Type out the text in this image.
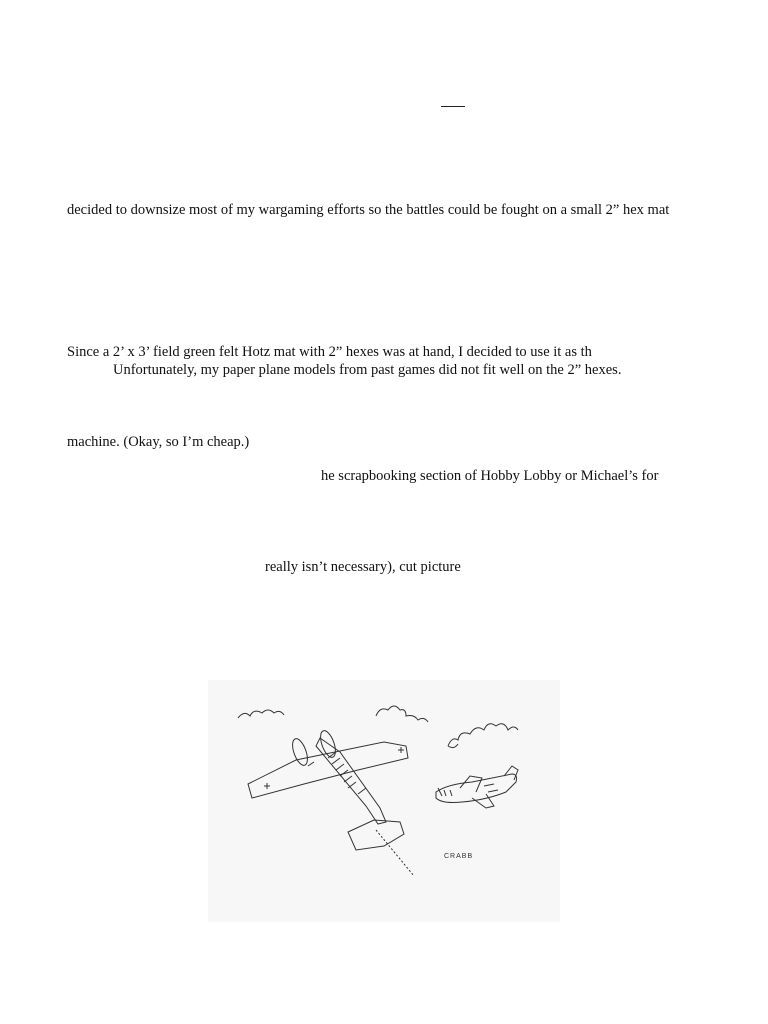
decided to downsize most of my wargaming efforts so the battles could be fought on a small 2” hex mat
Since a 2’ x 3’ field green felt Hotz mat with 2” hexes was at hand, I decided to use it as th
Unfortunately, my paper plane models from past games did not fit well on the 2” hexes.
machine. (Okay, so I’m cheap.)
he scrapbooking section of Hobby Lobby or Michael’s for
really isn’t necessary), cut picture
CRABB
